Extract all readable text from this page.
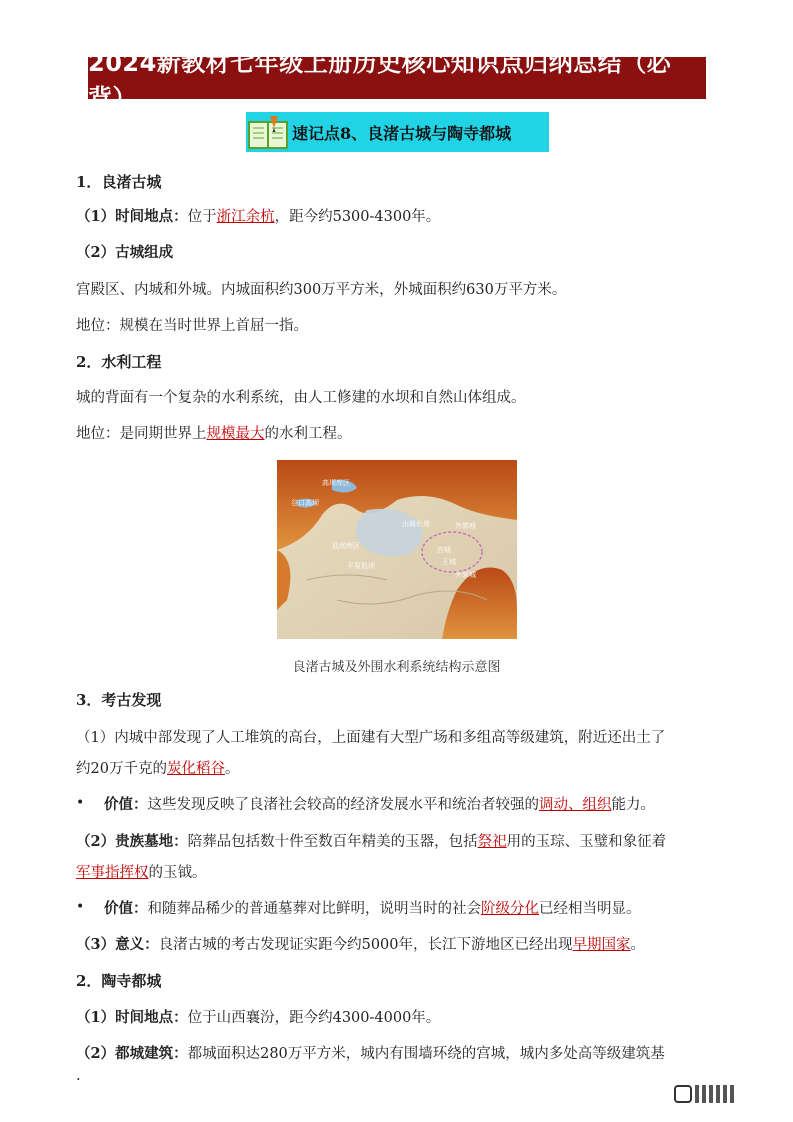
2024新教材七年级上册历史核心知识点归纳总结（必背）
速记点8、良渚古城与陶寺都城
1．良渚古城
（1）时间地点：位于浙江余杭，距今约5300-4300年。
（2）古城组成
宫殿区、内城和外城。内城面积约300万平方米，外城面积约630万平方米。
地位：规模在当时世界上首屈一指。
2．水利工程
城的背面有一个复杂的水利系统，由人工修建的水坝和自然山体组成。
地位：是同期世界上规模最大的水利工程。
高坝库区
谷口高坝
山前长堤
低坝库区
外郭城
宫城
王城
平原低坝
外郭城
良渚古城及外围水利系统结构示意图
3．考古发现
（1）内城中部发现了人工堆筑的高台，上面建有大型广场和多组高等级建筑，附近还出土了
约20万千克的炭化稻谷。
• 价值：这些发现反映了良渚社会较高的经济发展水平和统治者较强的调动、组织能力。
（2）贵族墓地：陪葬品包括数十件至数百年精美的玉器，包括祭祀用的玉琮、玉璧和象征着
军事指挥权的玉钺。
• 价值：和随葬品稀少的普通墓葬对比鲜明，说明当时的社会阶级分化已经相当明显。
（3）意义：良渚古城的考古发现证实距今约5000年，长江下游地区已经出现早期国家。
2．陶寺都城
（1）时间地点：位于山西襄汾，距今约4300-4000年。
（2）都城建筑：都城面积达280万平方米，城内有围墙环绕的宫城，城内多处高等级建筑基
.
